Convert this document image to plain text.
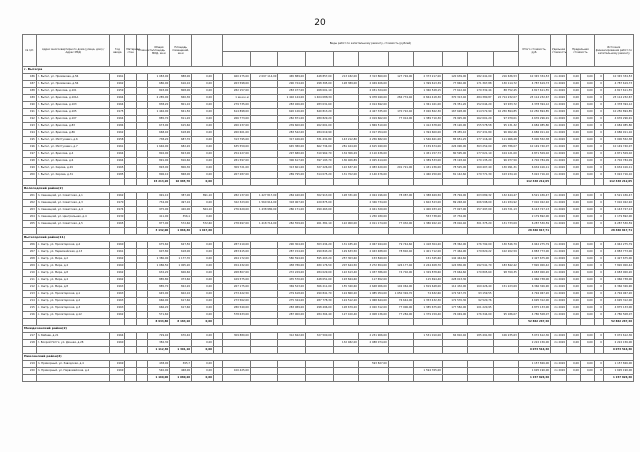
20
№ п/п	Адрес многоквартирного дома (улица, дом) / Адрес МКД	Год ввода	Материал стен	Этажность	Общая площадь МКД, кв.м	Площадь помещений, кв.м			Виды работ по капитальному ремонту, стоимость (рублей)											Итого стоимость, руб.	Удельная стоимость	Предельная стоимость		Источник финансирования работ по капитальному ремонту	

г. Вытегра																									
186	г. Вытег, ул. Примакова, д.56	1961			1 083,00	888,00	0,00		460 275,00	2 097 114,00	465 889,00	448 857,00	213 182,00	3 313 860,00	127 794,00	2 373 217,00	120 639,00	182 441,00	216 636,53	10 345 334,53	по 2020	0,00	0,00	0	10 345 334,53
187	г. Вытег, ул. Примакова, д.56	1962			680,00	616,10	0,00		263 598,00		290 724,00	298 395,00	128 389,00	2 049 406,00		1 399 613,39	77 840,00	171 367,88	130 114,72	4 787 619,73	по 2020	0,00	0,00	0	4 787 619,73
188	г. Вытег, ул. Брюсова, д.101	1959			803,00	808,00	0,00		282 157,00		283 477,00	268 001,10		2 031 324,00		1 360 528,15	77 612,40	170 332,44	88 752,45	4 817 611,55	по 2020	0,00	0,00	0	4 817 611,55
189	г. Вытег, ул. Брюсова, д.101А	1964			2 285,00	840,30	0,00		1 кв.м.к.м		1 402 144,00	1 404 088,30		9 978 040,00	284 774,40	6 844 418,30	370 313,40	484 380,87	22 714 232,07	23 114 232,67	по 2020	0,00	0,00	0	23 114 232,67
190	г. Вытег, ул. Брюсова, д.103	1964			838,20	801,10	0,00		279 735,00		283 926,00	283 031,60		2 014 692,00		1 361 161,00	76 351,20	152 044,20	93 933,72	4 378 394,12	по 2020	0,00	0,00	0	4 378 394,12
191	г. Вытег, ул. Брюсова, д.105	1975			1 446,00	841,50	0,00		614 898,00		620 126,00	640 813,20		4 427 335,00	170 722,40	3 026 822,30	167 628,00	214 572,90	10 250 894,85	10 250 894,85	по 2020	0,00	0,00	0	10 250 894,85
192	г. Вытег, ул. Брюсова, д.107	1964			885,70	811,20	0,00		266 773,00		282 871,00	289 829,20		2 019 662,00	77 914,00	1 389 710,30	76 925,00	162 001,20	97 079,01	4 676 296,91	по 2020	0,00	0,00	0	4 676 296,91
193	г. Вытег, ул. Брюсова, д.83	1984			673,00	615,60	0,00		260 237,00		239 600,00	262 601,00		1 869 510,00		1 412 678,00	78 120,00	155 578,58	95 131,32	4 684 085,80	по 2020	0,00	0,00	0	4 684 085,80
194	г. Вытег, ул. Брюсова, д.86	1962			668,40	618,90	0,00		260 601,00		283 542,00	284 019,90		2 017 054,00		1 394 600,00	78 455,10	157 431,80	96 002,46	4 686 911,16	по 2020	0,00	0,00	0	4 686 911,16
195	г. Вытег, ул. Маттусевич, д.6	1958			738,20	687,70	0,00		313 795,00		317 426,00	331 431,80	143 212,80	2 256 682,00		1 546 461,00	85 651,25	177 116,40	111 066,28	5 000 552,38	по 2020	0,00	0,00	0	5 000 552,38
196	г. Вытег, ул. Маттусевич, д.7	1961			1 646,00	682,20	0,00		635 559,00		645 380,00	662 734,00	281 424,00	4 615 040,00		3 159 674,00	226 090,00	363 252,00	265 786,07	10 149 740,07	по 2020	0,00	0,00	0	10 149 740,07
197	г. Вытег, ул. Брюсова, д.4	1964			802,00	823,00	0,00		254 227,00		297 680,00	310 962,70	134 306,29	2 110 436,00		1 451 157,73	80 595,00	177 021,10	104 121,00	4 871 509,02	по 2020	0,00	0,00	0	4 871 509,02
198	г. Вытег, ул. Брюсова, д.6	1964			891,00	816,60	0,00		281 597,00		306 617,00	397 193,70	136 406,89	2 025 414,00		1 389 533,00	78 193,40	170 135,20	96 077,50	4 702 784,09	по 2020	0,00	0,00	0	4 702 784,09
199	г. Вытег, ул. Карова, д.29	1965			893,00	806,30	0,00		309 721,00		313 601,00	327 226,00	122 637,20	2 083 420,00	201 721,00	1 431 236,00	78 525,00	169 407,40	130 091,31	6 634 416,11	по 2020	0,00	0,00	0	6 634 416,11
200	г. Вытег, ул. Кирова, д.31	1985			806,10	868,00	0,00		267 287,00		289 795,00	314 075,20	131 702,00	2 140 476,00		1 460 250,00	81 142,60	179 771,30	103 234,10	5 022 716,10	по 2020	0,00	0,00	0	5 022 716,10
					15 213,20	10 965,70	0,00													112 448 212,05					112 448 212,05
Вологодский район(2)																									
201	п. Свеницкий, ул. Советская, д.1	1962			991,10	387,00	891,10		282 137,00	1 427 817,00	284 440,00	302 913,00	128 331,00	2 024 196,00	78 087,00	1 388 469,50	78 794,00	203 089,32	132 444,47	6 521 436,47	по 2020	0,00	0,00	0	6 521 436,47
202	п. Свеницкий, ул. Советская, д.3	1970			734,00	497,10	0,00		322 323,00	1 560 914,00	318 067,00	229 875,00		2 346 734,00		1 602 523,00	89 248,40	206 598,00	141 934,92	7 010 022,92	по 2020	0,00	0,00	0	7 010 022,92
203	п. Свеницкий, ул. Советская, д.4	1974			975,00	420,00	564,10		276 629,00	1 438 980,00	286 171,00	299 463,00		2 041 320,00		1 400 033,10	77 027,00	157 497,00	129 721,13	6 143 727,13	по 2020	0,00	0,00	0	6 143 727,13
204	п. Свеницкий, ул. Центральная, д.4	1930			411,00	356,1	0,00							1 250 180,00		553 738,00	47 734,00			2 179 892,00	по 2020	0,00	0,00	0	2 179 892,00
205	п. Свеницкий, ул. Советская, д.5	1965			877,00	572,60	572,60		278 697,00	1 418 714,00	282 559,00	261 381,10	122 900,00	2 011 174,00	77 932,00	1 386 922,10	78 016,40	301 375,20	131 733,09	6 287 530,59	по 2020	0,00	0,00	0	6 287 530,59
					3 132,00	1 866,30	1 617,60													28 460 817,71					28 460 817,71
Вытегорский район(11)																									
206	с. Оштр, ул. Пролетарская, д.4	1960			675,60	627,50	0,00		287 210,00		290 304,00	303 434,20	131 185,20	2 067 944,00	79 744,60	1 418 304,20	78 362,00	176 792,00	130 546,79	4 942 275,79	по 2020	0,00	0,00	0	4 942 275,79
207	с. Оштр, ул. Первомайская, д.13	1961			607,80	618,00	0,00		283 615,00		287 154,00	299 843,20	129 633,50	2 043 488,00	78 802,40	1 401 712,00	77 464,90	179 820,22	102 202,59	4 883 773,00	по 2020	0,00	0,00	0	4 883 773,00
208	с. Оштр, ул. Мира, д.2	1962			1 380,00	1 177,70	0,00		264 172,00		580 594,00	595 403,20	257 303,60	153 849,00		151 345,60	142 444,60			2 427 675,00	по 2020	0,00	0,00	0	2 427 675,00
209	с. Оштр, ул. Мира, д.4	1960			1 086,50	1 005,20	0,00		454 432,00		458 786,00	480 176,50	207 644,50	3 272 654,00	126 177,40	2 244 408,70	124 836,00	192 541,70	183 842,42	7 820 000,42	по 2020	0,00	0,00	0	7 820 000,42
210	с. Оштр, ул. Мира, д.8	1962			632,20	606,60	0,00		268 807,00		272 229,00	284 029,00	122 613,40	1 937 386,00	74 702,00	1 329 878,60	73 664,60	170 805,60	98 769,35	4 683 000,20	по 2020	0,00	0,00	0	4 683 000,20
211	с. Оштр, ул. Мира, д.4	1962			885,80	973,60	0,00		429 575,00		435 570,00	448 051,00	193 844,60	117 652,00		115 694,40	228 013,30			1 966 738,00	по 2020	0,00	0,00	0	1 966 738,00
212	с. Оштр, ул. Мира, д.8	1963			885,70	822,20	0,00		267 175,00		369 523,00	366 211,00	155 340,60	2 648 006,00	102 064,00	1 819 648,00	112 432,00	169 426,40	151 223,69	6 366 326,90	по 2020	0,00	0,00	0	6 366 326,90
213	с. Оштр, ул. Пролетарская, д.1	1963			645,00	602,10	0,00		273 422,50		279 618,00	290 841,70	124 860,20	1 985 054,00	1 650 394,70	74 632,60	172 547,70	93 159,55		4 794 067,20	по 2020	0,00	0,00	0	4 794 067,20
214	с. Оштр, ул. Пролетарская, д.2	1963			666,00	617,60	0,00		273 562,00		275 344,00	287 778,30	124 512,20	1 968 644,00	76 644,00	1 353 432,30	172 570,30	92 520,76		4 695 312,00	по 2020	0,00	0,00	0	4 695 312,00
215	с. Оштр, ул. Пролетарская, д.3	1963			666,20	617,60	0,00		280 540,00		283 089,00	298 496,00	128 679,20	2 020 312,00	77 906,00	1 385 675,00	177 582,00	101 220,95		4 875 133,00	по 2020	0,00	0,00	0	4 875 133,00
216	с. Оштр, ул. Пролетарская, д.12	1962			571,60		0,00		578 633,00		287 000,00	284 304,40	127 100,40	2 008 136,00	77 284,00	1 379 159,40	76 049,00	176 344,00	95 186,07	4 780 508,07	по 2020	0,00	0,00	0	4 780 508,07
					8 944,80	8 184,10	0,00													52 862 267,40					52 862 267,40
Междеченский район(2)																									
217	п. Бабаев, д.21	1964			729,40	670,40	0,00		309 880,00		312 842,00	327 500,00		2 231 906,00		1 531 010,00	84 810,40	185 491,80	106 235,63	5 072 612,36	по 2020	0,00	0,00	0	5 072 612,36
218	г. Вохрой Потгх, ул. Дачная, д.28	1960			382,30		0,00						132 482,00	2 088 074,00						2 222 156,00	по 2020	0,00	0,00	0	2 222 156,00
					1 112,30	1 301,10	0,00													9 073 516,36					9 073 516,36
Нюксенский район(2)																									
219	п. Приморный, ул. Заводская, д.4	1969			438,00	395,7	0,00							593 827,00						1 157 826,00	по 2020	0,00	0,00	0	1 157 826,00
220	п. Приморный, ул. Первомайская, д.4	1969			540,00	468,00	0,00		100 425,00							1 594 765,00				1 695 190,00	по 2020	0,00	0,00	0	1 695 190,00
					1 160,00	1 080,20	0,00													1 157 826,40					1 157 826,40
